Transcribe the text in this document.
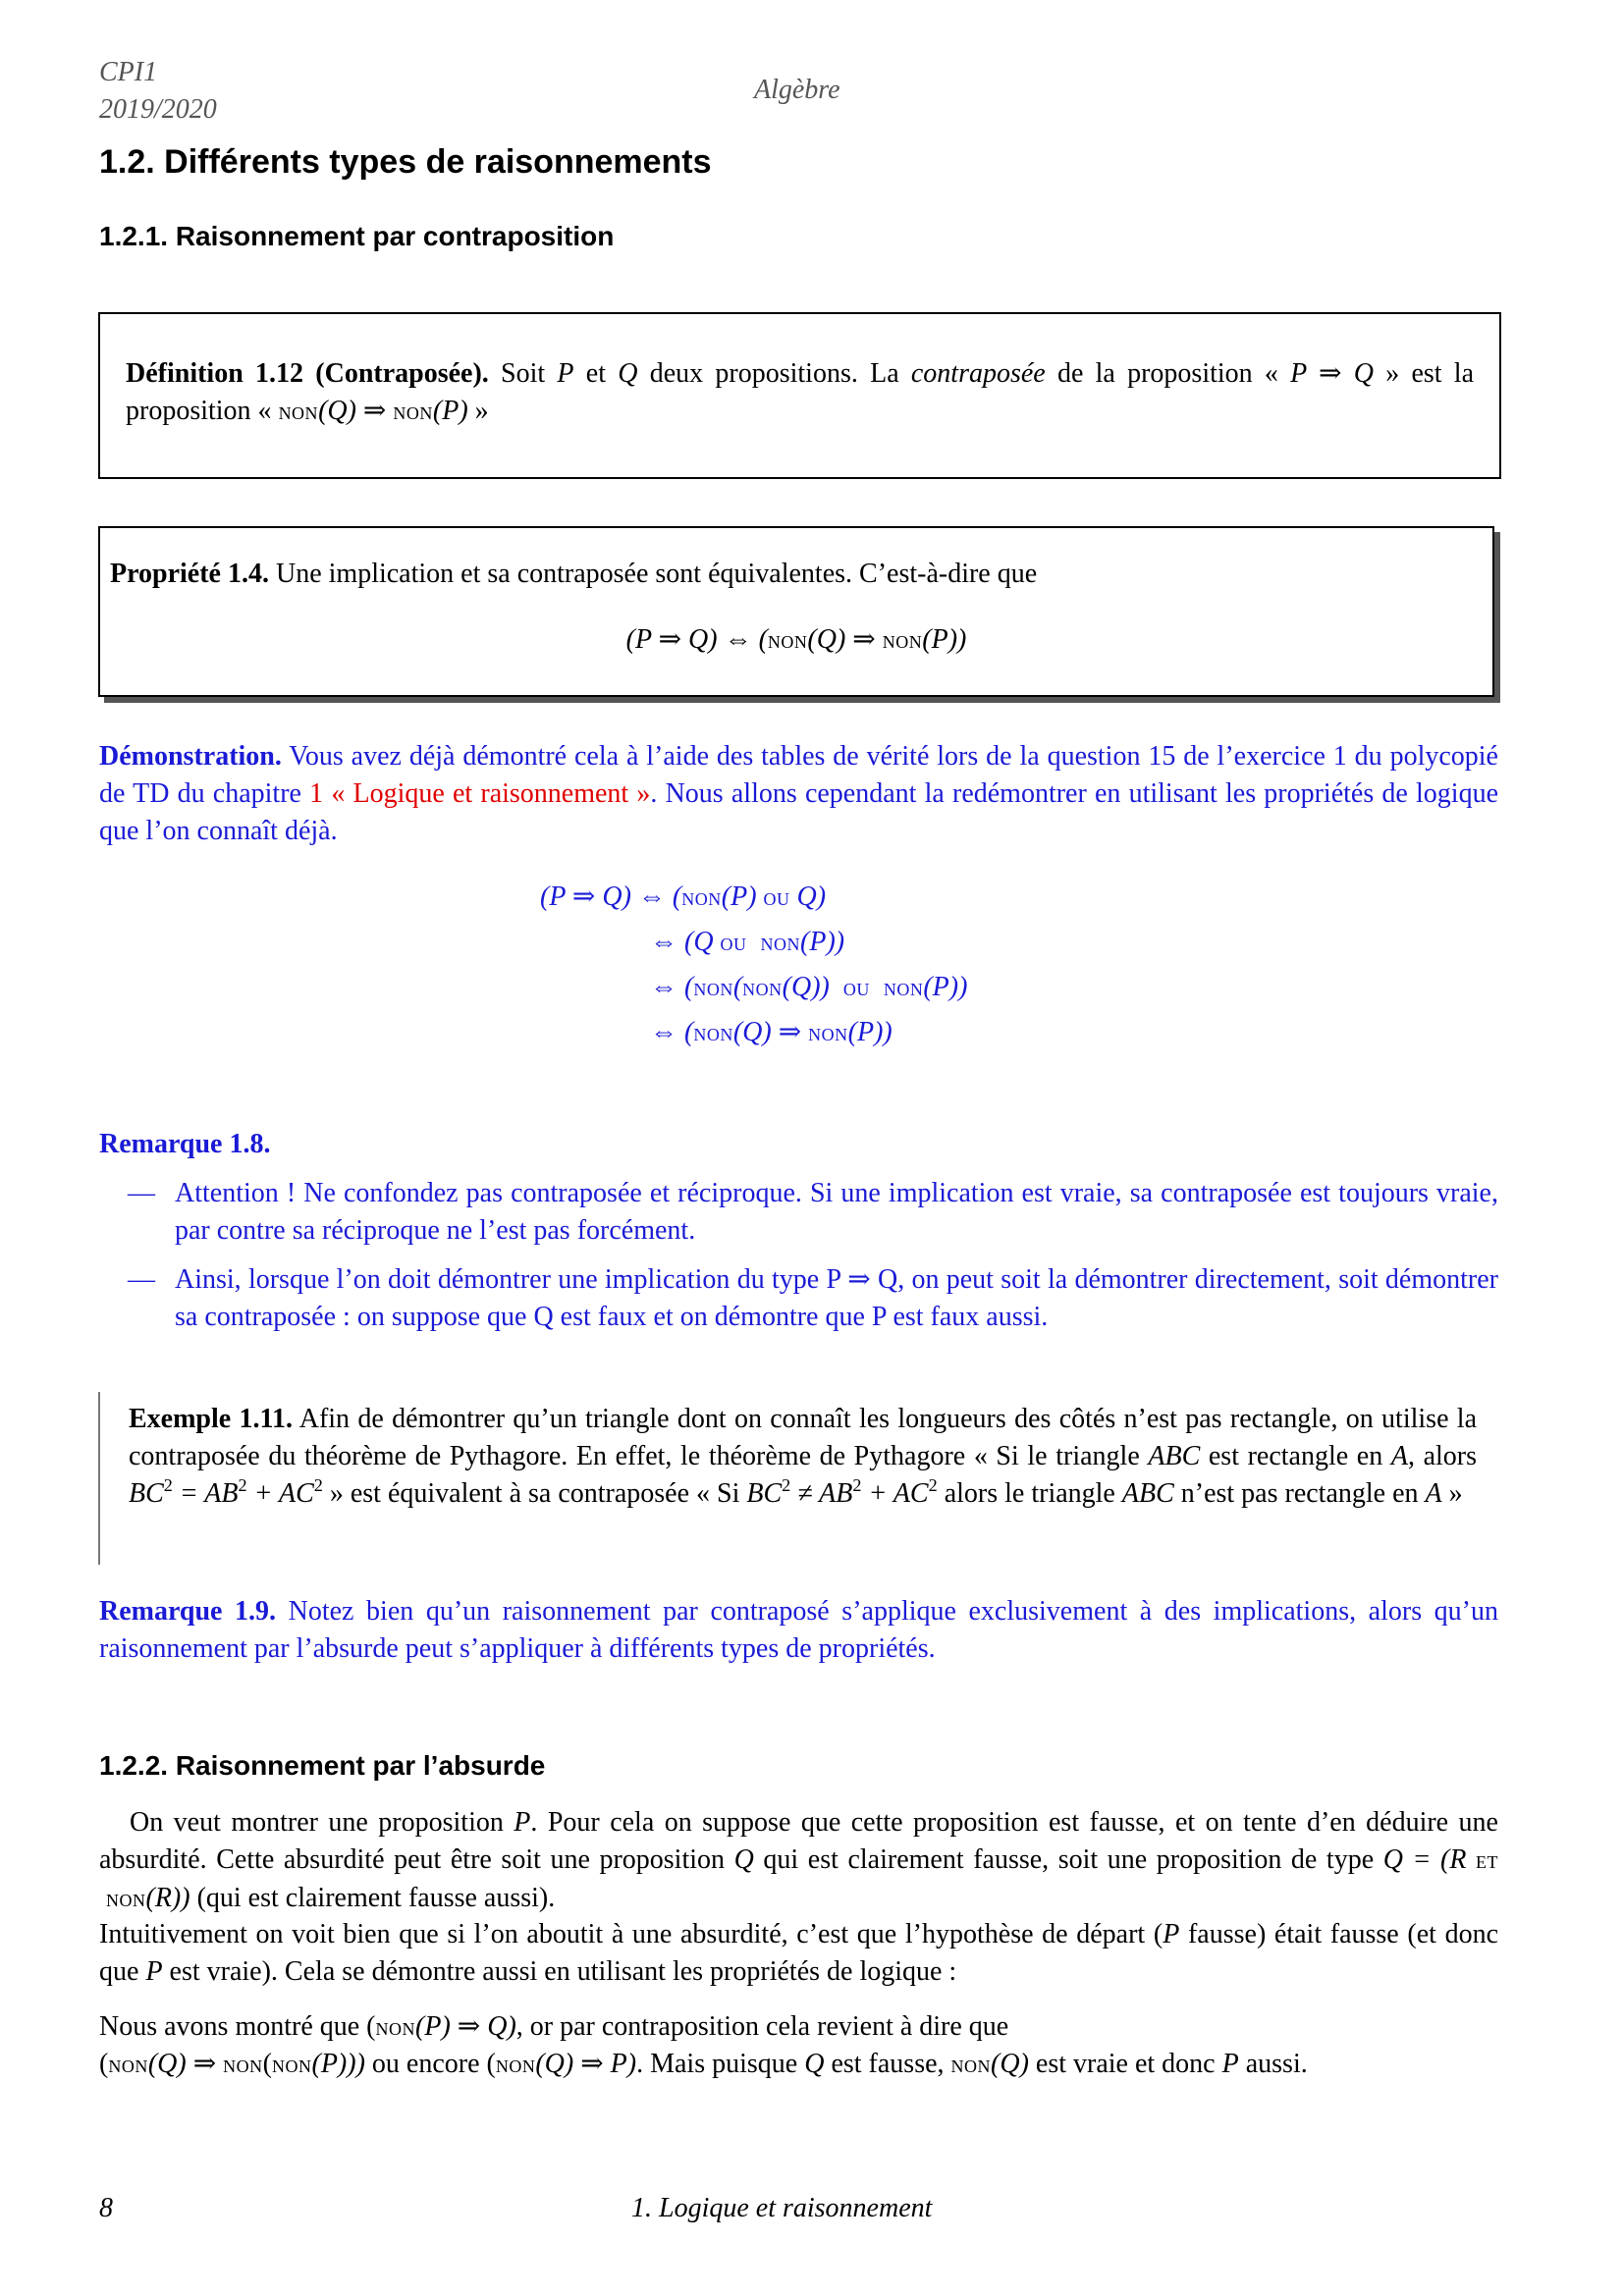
CPI1
2019/2020
Algèbre
1.2. Différents types de raisonnements
1.2.1. Raisonnement par contraposition
Définition 1.12 (Contraposée). Soit P et Q deux propositions. La contraposée de la proposition « P ⇒ Q » est la proposition « non(Q) ⇒ non(P) »
Propriété 1.4. Une implication et sa contraposée sont équivalentes. C’est-à-dire que
(P ⇒ Q) ⇔ (non(Q) ⇒ non(P))
Démonstration. Vous avez déjà démontré cela à l’aide des tables de vérité lors de la question 15 de l’exercice 1 du polycopié de TD du chapitre 1 « Logique et raisonnement ». Nous allons cependant la redémontrer en utilisant les propriétés de logique que l’on connaît déjà.
(P ⇒ Q) ⇔ (non(P) ou Q)
⇔ (Q ou non(P))
⇔ (non(non(Q))  ou non(P))
⇔ (non(Q) ⇒ non(P))
Remarque 1.8.
— Attention ! Ne confondez pas contraposée et réciproque. Si une implication est vraie, sa contraposée est toujours vraie, par contre sa réciproque ne l’est pas forcément.
— Ainsi, lorsque l’on doit démontrer une implication du type P ⇒ Q, on peut soit la démontrer directement, soit démontrer sa contraposée : on suppose que Q est faux et on démontre que P est faux aussi.
Exemple 1.11. Afin de démontrer qu’un triangle dont on connaît les longueurs des côtés n’est pas rectangle, on utilise la contraposée du théorème de Pythagore. En effet, le théorème de Pythagore « Si le triangle ABC est rectangle en A, alors $BC^2 = AB^2 + AC^2$ » est équivalent à sa contraposée « Si $BC^2 \ne AB^2 + AC^2$ alors le triangle ABC n’est pas rectangle en A »
Remarque 1.9. Notez bien qu’un raisonnement par contraposé s’applique exclusivement à des implications, alors qu’un raisonnement par l’absurde peut s’appliquer à différents types de propriétés.
1.2.2. Raisonnement par l’absurde
On veut montrer une proposition P. Pour cela on suppose que cette proposition est fausse, et on tente d’en déduire une absurdité. Cette absurdité peut être soit une proposition Q qui est clairement fausse, soit une proposition de type Q = (R et non(R)) (qui est clairement fausse aussi).
Intuitivement on voit bien que si l’on aboutit à une absurdité, c’est que l’hypothèse de départ (P fausse) était fausse (et donc que P est vraie). Cela se démontre aussi en utilisant les propriétés de logique :
Nous avons montré que (non(P) ⇒ Q), or par contraposition cela revient à dire que
(non(Q) ⇒ non(non(P))) ou encore (non(Q) ⇒ P). Mais puisque Q est fausse, non(Q) est vraie et donc P aussi.
8	1. Logique et raisonnement
